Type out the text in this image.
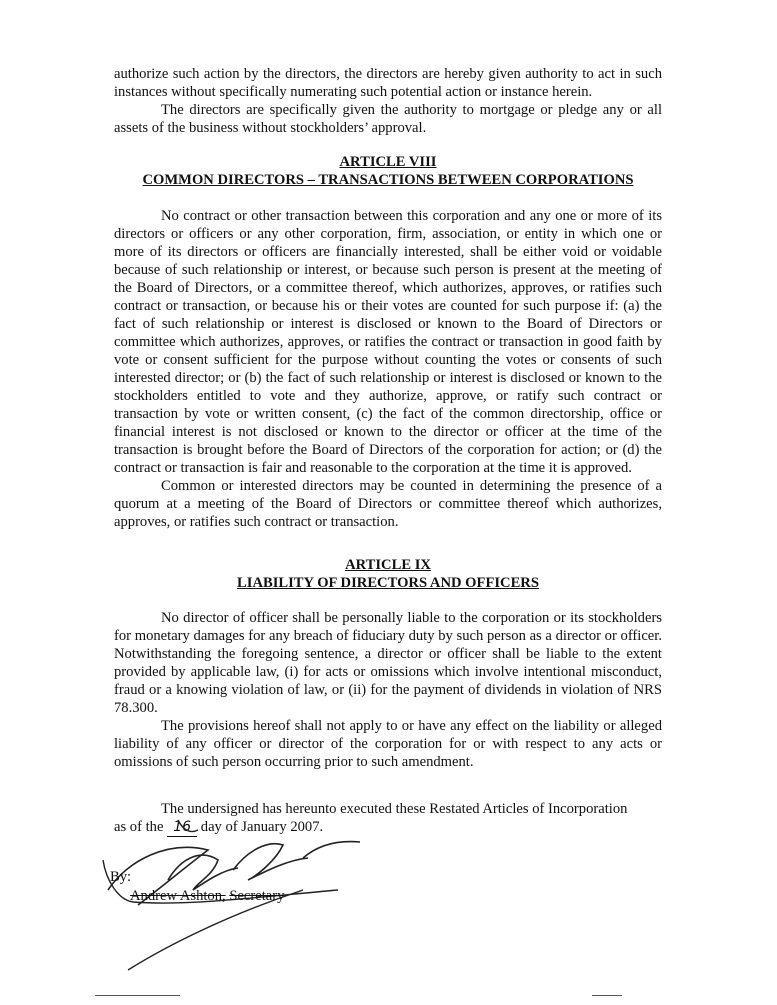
authorize such action by the directors, the directors are hereby given authority to act in such instances without specifically numerating such potential action or instance herein.

The directors are specifically given the authority to mortgage or pledge any or all assets of the business without stockholders’ approval.

ARTICLE VIII
COMMON DIRECTORS – TRANSACTIONS BETWEEN CORPORATIONS

No contract or other transaction between this corporation and any one or more of its directors or officers or any other corporation, firm, association, or entity in which one or more of its directors or officers are financially interested, shall be either void or voidable because of such relationship or interest, or because such person is present at the meeting of the Board of Directors, or a committee thereof, which authorizes, approves, or ratifies such contract or transaction, or because his or their votes are counted for such purpose if: (a) the fact of such relationship or interest is disclosed or known to the Board of Directors or committee which authorizes, approves, or ratifies the contract or transaction in good faith by vote or consent sufficient for the purpose without counting the votes or consents of such interested director; or (b) the fact of such relationship or interest is disclosed or known to the stockholders entitled to vote and they authorize, approve, or ratify such contract or transaction by vote or written consent, (c) the fact of the common directorship, office or financial interest is not disclosed or known to the director or officer at the time of the transaction is brought before the Board of Directors of the corporation for action; or (d) the contract or transaction is fair and reasonable to the corporation at the time it is approved.

Common or interested directors may be counted in determining the presence of a quorum at a meeting of the Board of Directors or committee thereof which authorizes, approves, or ratifies such contract or transaction.

ARTICLE IX
LIABILITY OF DIRECTORS AND OFFICERS

No director of officer shall be personally liable to the corporation or its stockholders for monetary damages for any breach of fiduciary duty by such person as a director or officer. Notwithstanding the foregoing sentence, a director or officer shall be liable to the extent provided by applicable law, (i) for acts or omissions which involve intentional misconduct, fraud or a knowing violation of law, or (ii) for the payment of dividends in violation of NRS 78.300.

The provisions hereof shall not apply to or have any effect on the liability or alleged liability of any officer or director of the corporation for or with respect to any acts or omissions of such person occurring prior to such amendment.

The undersigned has hereunto executed these Restated Articles of Incorporation

as of the 16 day of January 2007.
By:
Andrew Ashton, Secretary
